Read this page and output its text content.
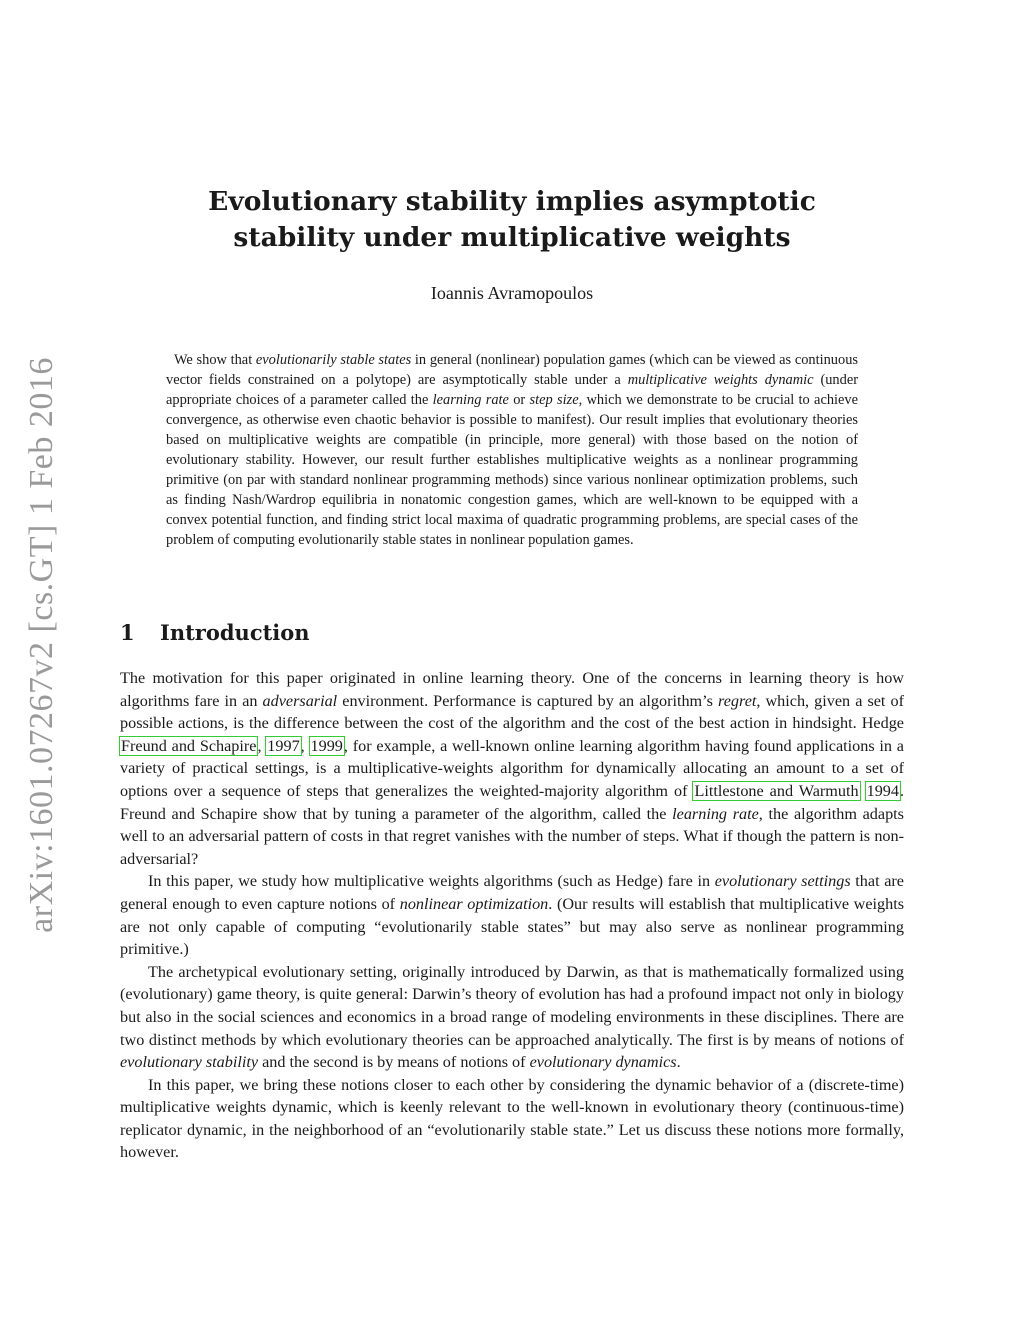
arXiv:1601.07267v2 [cs.GT] 1 Feb 2016
Evolutionary stability implies asymptotic stability under multiplicative weights
Ioannis Avramopoulos

We show that evolutionarily stable states in general (nonlinear) population games (which can be viewed as continuous vector fields constrained on a polytope) are asymptotically stable under a multiplicative weights dynamic (under appropriate choices of a parameter called the learning rate or step size, which we demonstrate to be crucial to achieve convergence, as otherwise even chaotic behavior is possible to manifest). Our result implies that evolutionary theories based on multiplicative weights are compatible (in principle, more general) with those based on the notion of evolutionary stability. However, our result further establishes multiplicative weights as a nonlinear programming primitive (on par with standard nonlinear programming methods) since various nonlinear optimization problems, such as finding Nash/Wardrop equilibria in nonatomic congestion games, which are well-known to be equipped with a convex potential function, and finding strict local maxima of quadratic programming problems, are special cases of the problem of computing evolutionarily stable states in nonlinear population games.

1 Introduction

The motivation for this paper originated in online learning theory. One of the concerns in learning theory is how algorithms fare in an adversarial environment. Performance is captured by an algorithm’s regret, which, given a set of possible actions, is the difference between the cost of the algorithm and the cost of the best action in hindsight. Hedge Freund and Schapire, 1997, 1999, for example, a well-known online learning algorithm having found applications in a variety of practical settings, is a multiplicative-weights algorithm for dynamically allocating an amount to a set of options over a sequence of steps that generalizes the weighted-majority algorithm of Littlestone and Warmuth 1994. Freund and Schapire show that by tuning a parameter of the algorithm, called the learning rate, the algorithm adapts well to an adversarial pattern of costs in that regret vanishes with the number of steps. What if though the pattern is non-adversarial?

In this paper, we study how multiplicative weights algorithms (such as Hedge) fare in evolutionary settings that are general enough to even capture notions of nonlinear optimization. (Our results will establish that multiplicative weights are not only capable of computing “evolutionarily stable states” but may also serve as nonlinear programming primitive.)

The archetypical evolutionary setting, originally introduced by Darwin, as that is mathematically formalized using (evolutionary) game theory, is quite general: Darwin’s theory of evolution has had a profound impact not only in biology but also in the social sciences and economics in a broad range of modeling environments in these disciplines. There are two distinct methods by which evolutionary theories can be approached analytically. The first is by means of notions of evolutionary stability and the second is by means of notions of evolutionary dynamics.

In this paper, we bring these notions closer to each other by considering the dynamic behavior of a (discrete-time) multiplicative weights dynamic, which is keenly relevant to the well-known in evolutionary theory (continuous-time) replicator dynamic, in the neighborhood of an “evolutionarily stable state.” Let us discuss these notions more formally, however.
